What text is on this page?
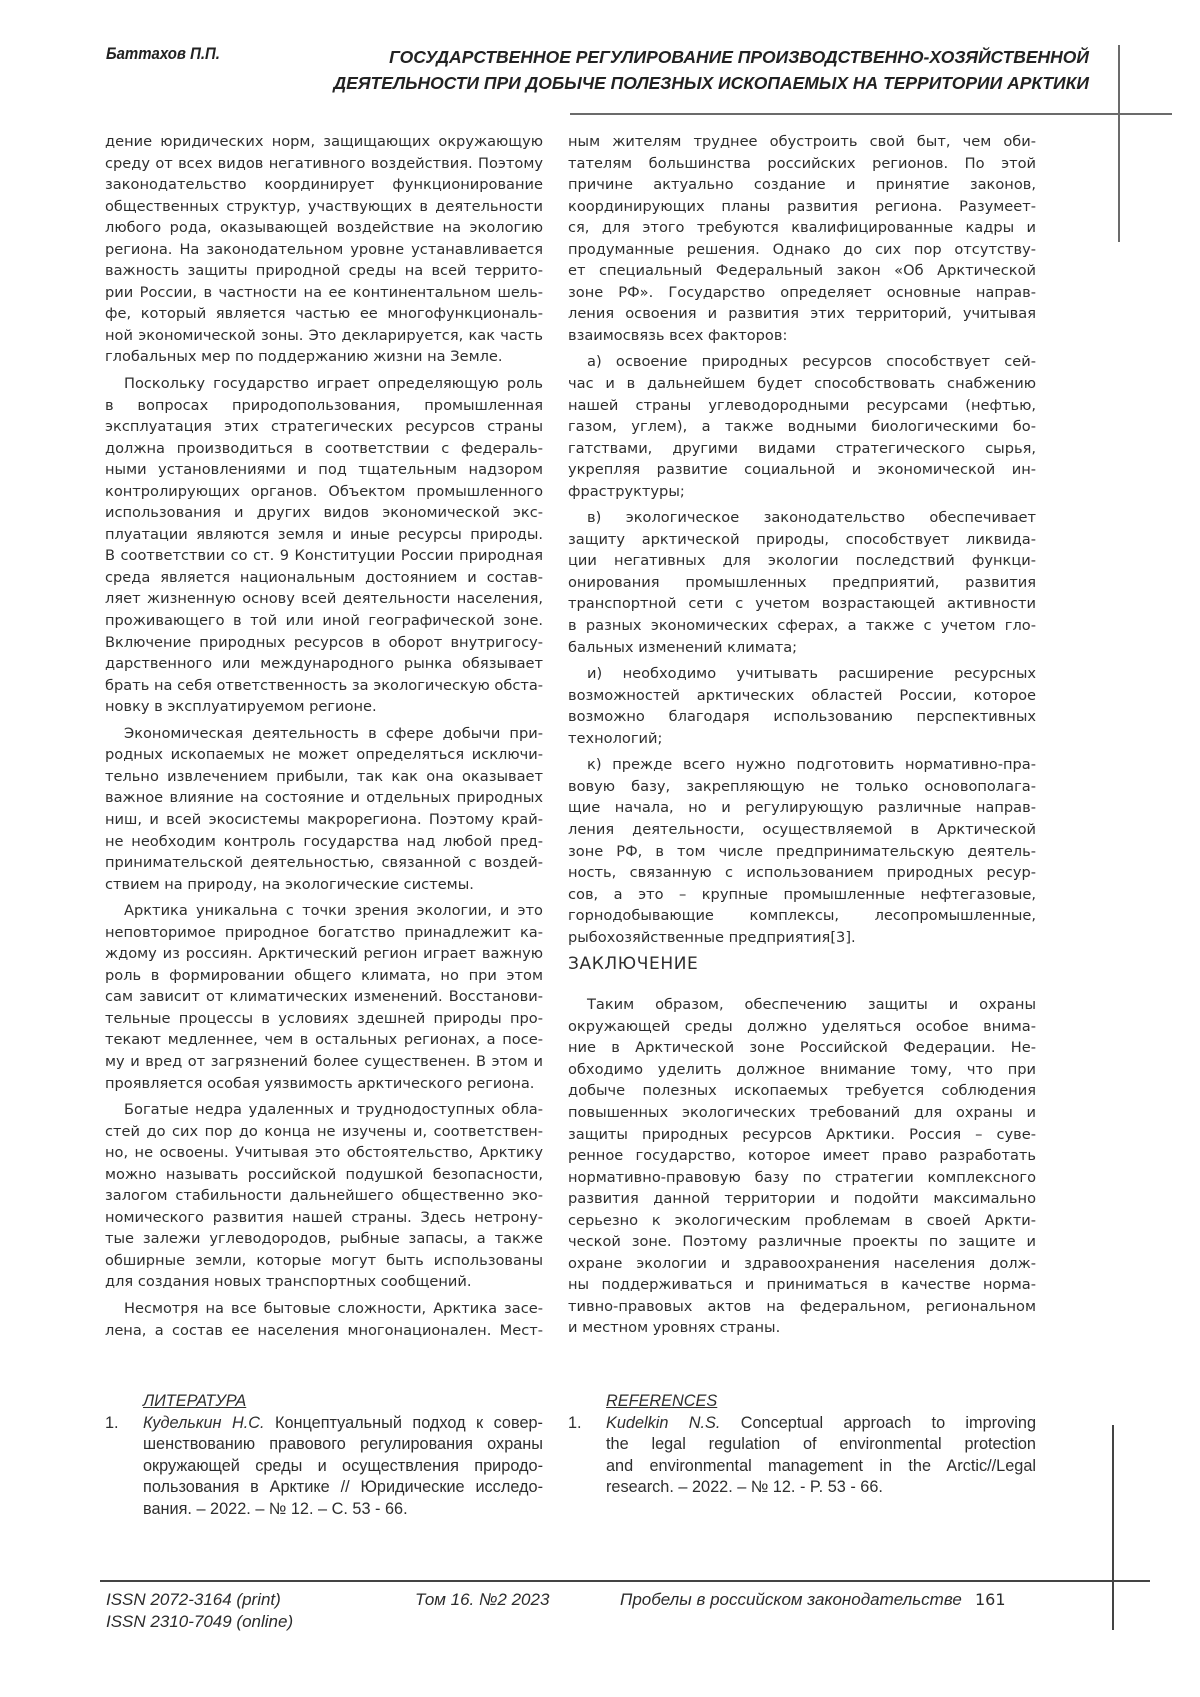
Баттахов П.П.	ГОСУДАРСТВЕННОЕ РЕГУЛИРОВАНИЕ ПРОИЗВОДСТВЕННО-ХОЗЯЙСТВЕННОЙ
ДЕЯТЕЛЬНОСТИ ПРИ ДОБЫЧЕ ПОЛЕЗНЫХ ИСКОПАЕМЫХ НА ТЕРРИТОРИИ АРКТИКИ
дение юридических норм, защищающих окружающую
среду от всех видов негативного воздействия. Поэтому
законодательство координирует функционирование
общественных структур, участвующих в деятельности
любого рода, оказывающей воздействие на экологию
региона. На законодательном уровне устанавливается
важность защиты природной среды на всей террито-
рии России, в частности на ее континентальном шель-
фе, который является частью ее многофункциональ-
ной экономической зоны. Это декларируется, как часть
глобальных мер по поддержанию жизни на Земле.
Поскольку государство играет определяющую роль
в вопросах природопользования, промышленная
эксплуатация этих стратегических ресурсов страны
должна производиться в соответствии с федераль-
ными установлениями и под тщательным надзором
контролирующих органов. Объектом промышленного
использования и других видов экономической экс-
плуатации являются земля и иные ресурсы природы.
В соответствии со ст. 9 Конституции России природная
среда является национальным достоянием и состав-
ляет жизненную основу всей деятельности населения,
проживающего в той или иной географической зоне.
Включение природных ресурсов в оборот внутригосу-
дарственного или международного рынка обязывает
брать на себя ответственность за экологическую обста-
новку в эксплуатируемом регионе.
Экономическая деятельность в сфере добычи при-
родных ископаемых не может определяться исключи-
тельно извлечением прибыли, так как она оказывает
важное влияние на состояние и отдельных природных
ниш, и всей экосистемы макрорегиона. Поэтому край-
не необходим контроль государства над любой пред-
принимательской деятельностью, связанной с воздей-
ствием на природу, на экологические системы.
Арктика уникальна с точки зрения экологии, и это
неповторимое природное богатство принадлежит ка-
ждому из россиян. Арктический регион играет важную
роль в формировании общего климата, но при этом
сам зависит от климатических изменений. Восстанови-
тельные процессы в условиях здешней природы про-
текают медленнее, чем в остальных регионах, а посе-
му и вред от загрязнений более существенен. В этом и
проявляется особая уязвимость арктического региона.
Богатые недра удаленных и труднодоступных обла-
стей до сих пор до конца не изучены и, соответствен-
но, не освоены. Учитывая это обстоятельство, Арктику
можно называть российской подушкой безопасности,
залогом стабильности дальнейшего общественно эко-
номического развития нашей страны. Здесь нетрону-
тые залежи углеводородов, рыбные запасы, а также
обширные земли, которые могут быть использованы
для создания новых транспортных сообщений.
Несмотря на все бытовые сложности, Арктика засе-
лена, а состав ее населения многонационален. Мест-
ным жителям труднее обустроить свой быт, чем оби-
тателям большинства российских регионов. По этой
причине актуально создание и принятие законов,
координирующих планы развития региона. Разумеет-
ся, для этого требуются квалифицированные кадры и
продуманные решения. Однако до сих пор отсутству-
ет специальный Федеральный закон «Об Арктической
зоне РФ». Государство определяет основные направ-
ления освоения и развития этих территорий, учитывая
взаимосвязь всех факторов:
а) освоение природных ресурсов способствует сей-
час и в дальнейшем будет способствовать снабжению
нашей страны углеводородными ресурсами (нефтью,
газом, углем), а также водными биологическими бо-
гатствами, другими видами стратегического сырья,
укрепляя развитие социальной и экономической ин-
фраструктуры;
в) экологическое законодательство обеспечивает
защиту арктической природы, способствует ликвида-
ции негативных для экологии последствий функци-
онирования промышленных предприятий, развития
транспортной сети с учетом возрастающей активности
в разных экономических сферах, а также с учетом гло-
бальных изменений климата;
и) необходимо учитывать расширение ресурсных
возможностей арктических областей России, которое
возможно благодаря использованию перспективных
технологий;
к) прежде всего нужно подготовить нормативно-пра-
вовую базу, закрепляющую не только основополага-
щие начала, но и регулирующую различные направ-
ления деятельности, осуществляемой в Арктической
зоне РФ, в том числе предпринимательскую деятель-
ность, связанную с использованием природных ресур-
сов, а это – крупные промышленные нефтегазовые,
горнодобывающие комплексы, лесопромышленные,
рыбохозяйственные предприятия[3].
ЗАКЛЮЧЕНИЕ
Таким образом, обеспечению защиты и охраны
окружающей среды должно уделяться особое внима-
ние в Арктической зоне Российской Федерации. Не-
обходимо уделить должное внимание тому, что при
добыче полезных ископаемых требуется соблюдения
повышенных экологических требований для охраны и
защиты природных ресурсов Арктики. Россия – суве-
ренное государство, которое имеет право разработать
нормативно-правовую базу по стратегии комплексного
развития данной территории и подойти максимально
серьезно к экологическим проблемам в своей Аркти-
ческой зоне. Поэтому различные проекты по защите и
охране экологии и здравоохранения населения долж-
ны поддерживаться и приниматься в качестве норма-
тивно-правовых актов на федеральном, региональном
и местном уровнях страны.
ЛИТЕРАТУРА
1.	Куделькин Н.С. Концептуальный подход к совер-
шенствованию правового регулирования охраны
окружающей среды и осуществления природо-
пользования в Арктике // Юридические исследо-
вания. – 2022. – № 12. – С. 53 - 66.
REFERENCES
1.	Kudelkin N.S. Conceptual approach to improving
the legal regulation of environmental protection
and environmental management in the Arctic//Legal
research. – 2022. – № 12. - P. 53 - 66.
ISSN 2072-3164 (print)
ISSN 2310-7049 (online)
Том 16. №2 2023	Пробелы в российском законодательстве 161
